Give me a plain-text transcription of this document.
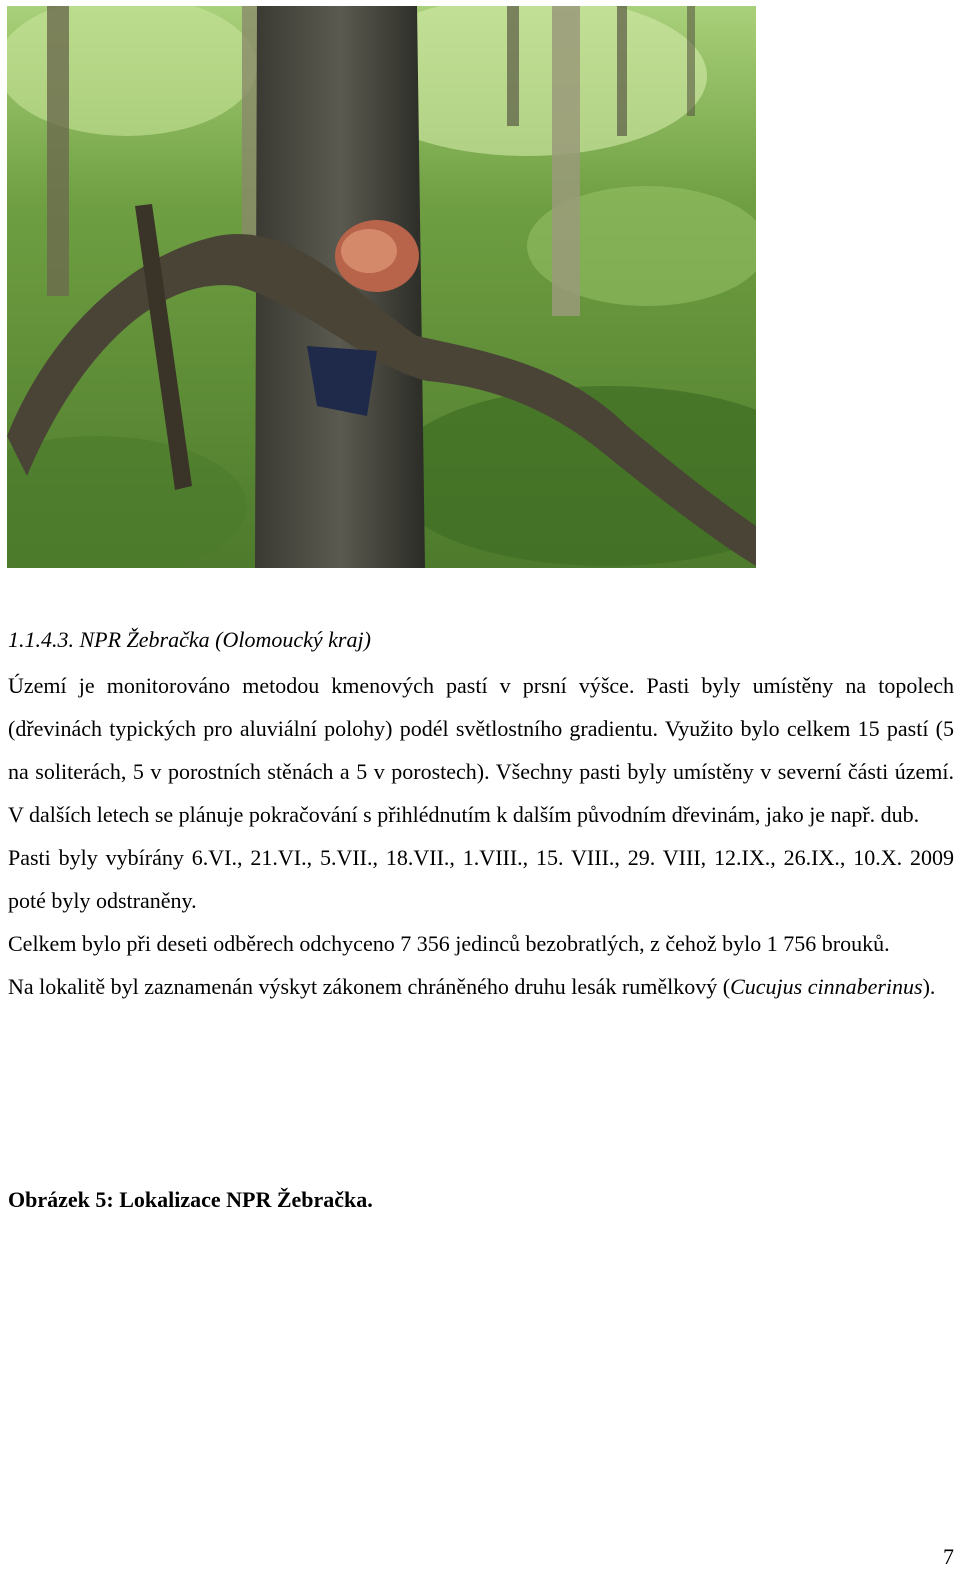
1.1.4.3. NPR Žebračka (Olomoucký kraj)

Území je monitorováno metodou kmenových pastí v prsní výšce. Pasti byly umístěny na topolech (dřevinách typických pro aluviální polohy) podél světlostního gradientu. Využito bylo celkem 15 pastí (5 na soliterách, 5 v porostních stěnách a 5 v porostech). Všechny pasti byly umístěny v severní části území. V dalších letech se plánuje pokračování s přihlédnutím k dalším původním dřevinám, jako je např. dub.

Pasti byly vybírány 6.VI., 21.VI., 5.VII., 18.VII., 1.VIII., 15. VIII., 29. VIII, 12.IX., 26.IX., 10.X. 2009 poté byly odstraněny.

Celkem bylo při deseti odběrech odchyceno 7 356 jedinců bezobratlých, z čehož bylo 1 756 brouků.

Na lokalitě byl zaznamenán výskyt zákonem chráněného druhu lesák rumělkový (Cucujus cinnaberinus).

Obrázek 5: Lokalizace NPR Žebračka.
7
